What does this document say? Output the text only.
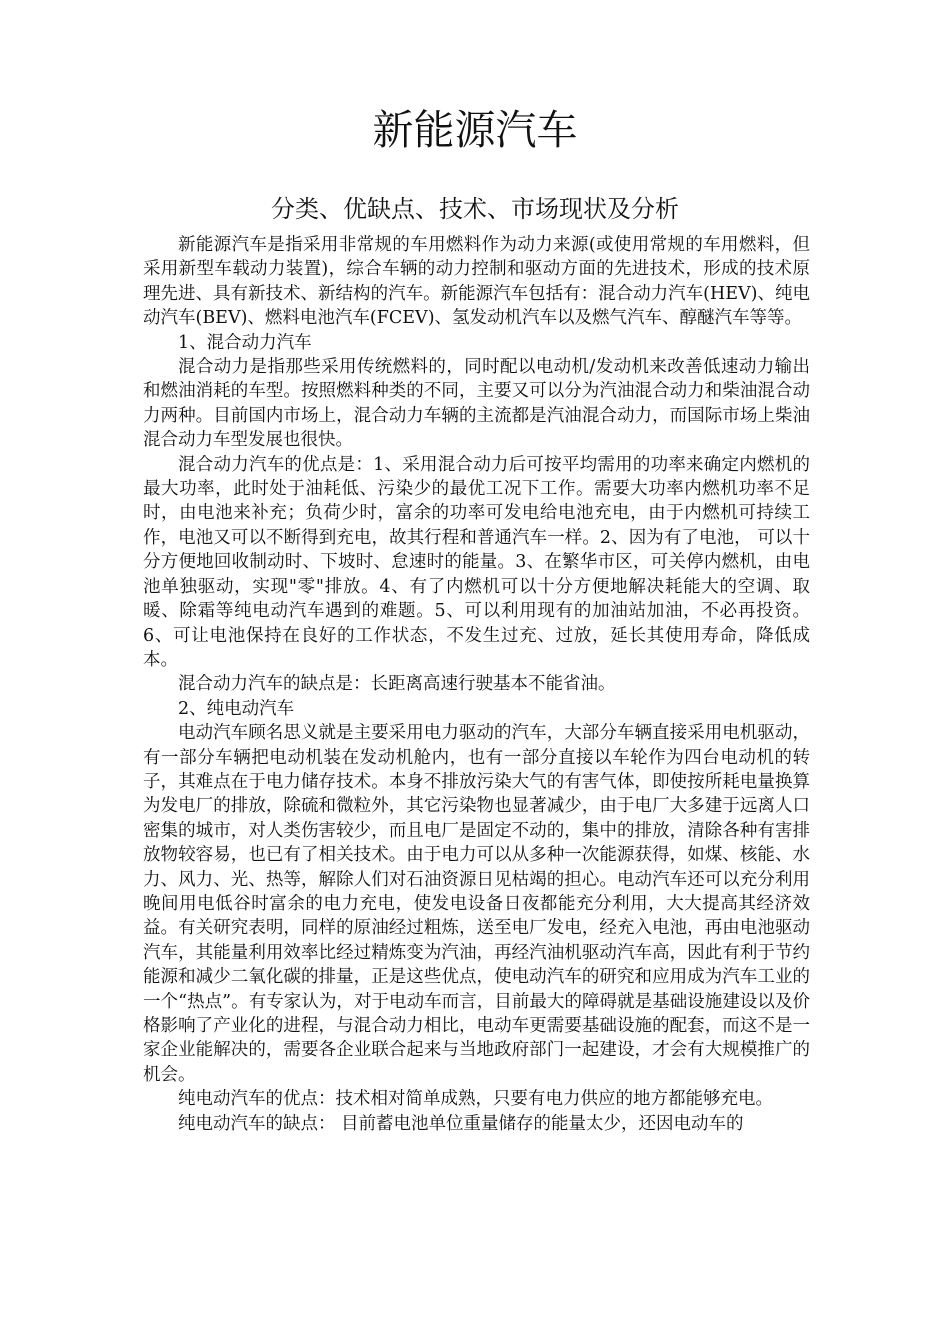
新能源汽车
分类、优缺点、技术、市场现状及分析

新能源汽车是指采用非常规的车用燃料作为动力来源(或使用常规的车用燃料，但采用新型车载动力装置)，综合车辆的动力控制和驱动方面的先进技术，形成的技术原理先进、具有新技术、新结构的汽车。新能源汽车包括有：混合动力汽车(HEV)、纯电动汽车(BEV)、燃料电池汽车(FCEV)、氢发动机汽车以及燃气汽车、醇醚汽车等等。

1、混合动力汽车

混合动力是指那些采用传统燃料的，同时配以电动机/发动机来改善低速动力输出和燃油消耗的车型。按照燃料种类的不同，主要又可以分为汽油混合动力和柴油混合动力两种。目前国内市场上，混合动力车辆的主流都是汽油混合动力，而国际市场上柴油混合动力车型发展也很快。

混合动力汽车的优点是：1、采用混合动力后可按平均需用的功率来确定内燃机的最大功率，此时处于油耗低、污染少的最优工况下工作。需要大功率内燃机功率不足时，由电池来补充；负荷少时，富余的功率可发电给电池充电，由于内燃机可持续工作，电池又可以不断得到充电，故其行程和普通汽车一样。2、因为有了电池， 可以十分方便地回收制动时、下坡时、怠速时的能量。3、在繁华市区，可关停内燃机，由电池单独驱动，实现"零"排放。4、有了内燃机可以十分方便地解决耗能大的空调、取暖、除霜等纯电动汽车遇到的难题。5、可以利用现有的加油站加油，不必再投资。6、可让电池保持在良好的工作状态，不发生过充、过放，延长其使用寿命，降低成本。

混合动力汽车的缺点是：长距离高速行驶基本不能省油。

2、纯电动汽车

电动汽车顾名思义就是主要采用电力驱动的汽车，大部分车辆直接采用电机驱动，有一部分车辆把电动机装在发动机舱内，也有一部分直接以车轮作为四台电动机的转子，其难点在于电力储存技术。本身不排放污染大气的有害气体，即使按所耗电量换算为发电厂的排放，除硫和微粒外，其它污染物也显著减少，由于电厂大多建于远离人口密集的城市，对人类伤害较少，而且电厂是固定不动的，集中的排放，清除各种有害排放物较容易，也已有了相关技术。由于电力可以从多种一次能源获得，如煤、核能、水力、风力、光、热等，解除人们对石油资源日见枯竭的担心。电动汽车还可以充分利用晚间用电低谷时富余的电力充电，使发电设备日夜都能充分利用，大大提高其经济效益。有关研究表明，同样的原油经过粗炼，送至电厂发电，经充入电池，再由电池驱动汽车，其能量利用效率比经过精炼变为汽油，再经汽油机驱动汽车高，因此有利于节约能源和减少二氧化碳的排量，正是这些优点，使电动汽车的研究和应用成为汽车工业的一个“热点”。有专家认为，对于电动车而言，目前最大的障碍就是基础设施建设以及价格影响了产业化的进程，与混合动力相比，电动车更需要基础设施的配套，而这不是一家企业能解决的，需要各企业联合起来与当地政府部门一起建设，才会有大规模推广的机会。

纯电动汽车的优点：技术相对简单成熟，只要有电力供应的地方都能够充电。

纯电动汽车的缺点： 目前蓄电池单位重量储存的能量太少，还因电动车的
